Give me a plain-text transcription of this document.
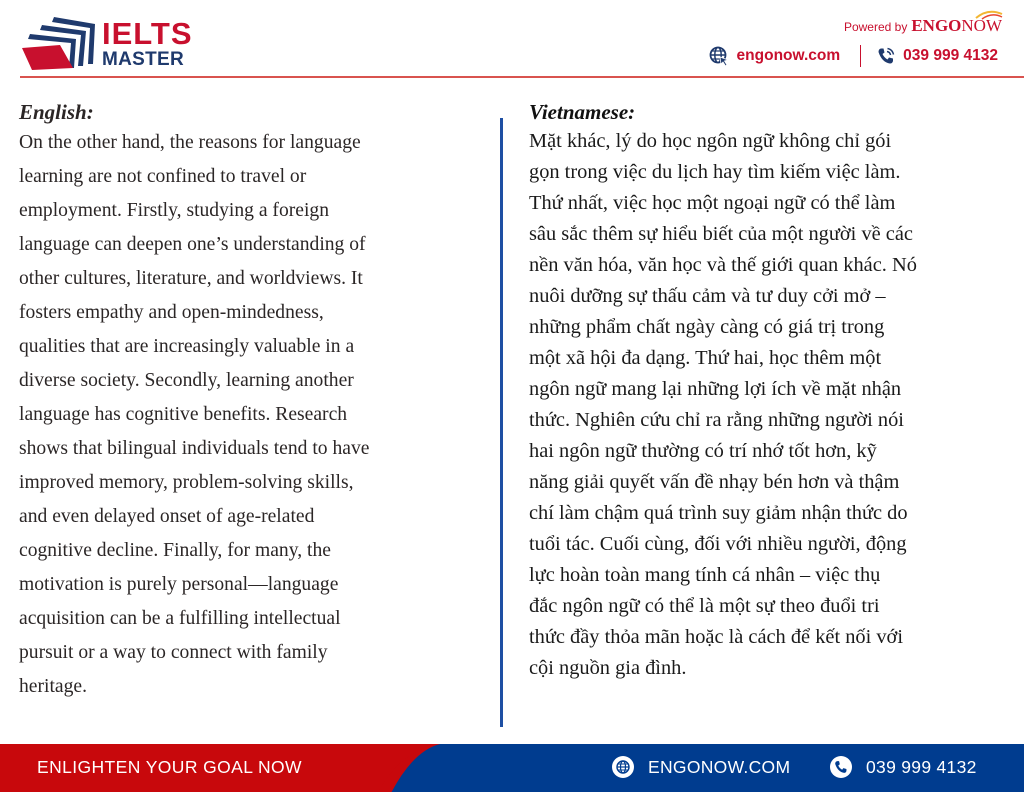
IELTS
MASTER
Powered by ENGONOW
engonow.com	039 999 4132
English:
On the other hand, the reasons for language
learning are not confined to travel or
employment. Firstly, studying a foreign
language can deepen one’s understanding of
other cultures, literature, and worldviews. It
fosters empathy and open-mindedness,
qualities that are increasingly valuable in a
diverse society. Secondly, learning another
language has cognitive benefits. Research
shows that bilingual individuals tend to have
improved memory, problem-solving skills,
and even delayed onset of age-related
cognitive decline. Finally, for many, the
motivation is purely personal—language
acquisition can be a fulfilling intellectual
pursuit or a way to connect with family
heritage.
Vietnamese:
Mặt khác, lý do học ngôn ngữ không chỉ gói
gọn trong việc du lịch hay tìm kiếm việc làm.
Thứ nhất, việc học một ngoại ngữ có thể làm
sâu sắc thêm sự hiểu biết của một người về các
nền văn hóa, văn học và thế giới quan khác. Nó
nuôi dưỡng sự thấu cảm và tư duy cởi mở –
những phẩm chất ngày càng có giá trị trong
một xã hội đa dạng. Thứ hai, học thêm một
ngôn ngữ mang lại những lợi ích về mặt nhận
thức. Nghiên cứu chỉ ra rằng những người nói
hai ngôn ngữ thường có trí nhớ tốt hơn, kỹ
năng giải quyết vấn đề nhạy bén hơn và thậm
chí làm chậm quá trình suy giảm nhận thức do
tuổi tác. Cuối cùng, đối với nhiều người, động
lực hoàn toàn mang tính cá nhân – việc thụ
đắc ngôn ngữ có thể là một sự theo đuổi tri
thức đầy thỏa mãn hoặc là cách để kết nối với
cội nguồn gia đình.
ENLIGHTEN YOUR GOAL NOW	ENGONOW.COM	039 999 4132
